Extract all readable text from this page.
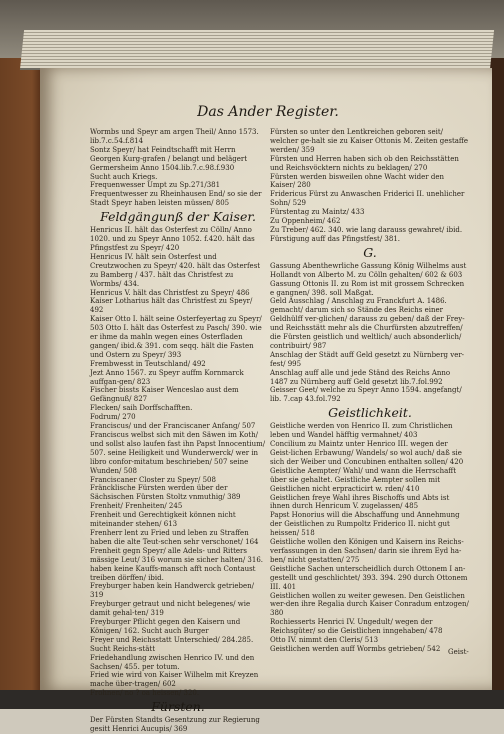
Das Ander Register.
Wormbs und Speyr am argen Theil/ Anno 1573. lib.7.c.54.f.814
Sontz Speyr/ hat Feindtschafft mit Herrn Georgen Kurg-grafen / belangt und belägert Germersheim Anno 1504.lib.7.c.98.f.930
Sucht auch Kriegs.
Frequenwesser Umpt zu Sp.271/381
Frequentwesser zu Rheinhausen End/ so sie der Stadt Speyr haben leisten müssen/ 805
Feldgängunß der Kaiser.
Henricus II. hält das Osterfest zu Cölln/ Anno 1020. und zu Speyr Anno 1052. f.420. hält das Pfingstfest zu Speyr/ 420
Henricus IV. hält sein Osterfest und Creutzwochen zu Speyr/ 420. hält das Osterfest zu Bamberg / 437. hält das Christfest zu Wormbs/ 434.
Henricus V. hält das Christfest zu Speyr/ 486
Kaiser Lotharius hält das Christfest zu Speyr/ 492
Kaiser Otto I. hält seine Osterfeyertag zu Speyr/ 503 Otto I. hält das Osterfest zu Pasch/ 390. wie er ihme da mahln wegen eines Osterfladen gangen/ ibid.& 391. com seqq. hält die Fasten und Ostern zu Speyr/ 393
Frembwesst in Teutschland/ 492
Jezt Anno 1567. zu Speyr auffm Kornmarck auffgan-gen/ 823
Fischer bissts Kaiser Wenceslao aust dem Gefängnuß/ 827
Flecken/ saih Dorffschafften.
Fodrum/ 270
Franciscus/ und der Franciscaner Anfang/ 507
Franciscus welbst sich mit den Säwen im Koth/ und sollst also laufen fast ihn Papst Innocentium/ 507. seine Heiligkeit und Wunderwerck/ wer in libro confor-mitatum beschrieben/ 507 seine Wunden/ 508
Franciscaner Closter zu Speyr/ 508
Fräncklische Fürsten werden über der Sächsischen Fürsten Stoltz vnmuthig/ 389
Frenheit/ Frenheiten/ 245
Frenheit und Gerechtigkeit können nicht miteinander stehen/ 613
Frenherr lent zu Fried und leben zu Straffen haben die alte Teut-schen sehr verschonet/ 164
Frenheit gegn Speyr/ alle Adels- und Ritters mässige Leut/ 316 worum sie sicher halten/ 316. haben keine Kauffs-mansch afft noch Contaust treiben dörffen/ ibid.
Freyburger haben kein Handwerck getrieben/ 319
Freyburger getraut und nicht belegenes/ wie damit gehal-ten/ 319
Freyburger Pflicht gegen den Kaisern und Königen/ 162. Sucht auch Burger
Freyer und Reichsstatt Unterschied/ 284.285. Sucht Reichs-stätt
Friedehandlung zwischen Henrico IV. und den Sachsen/ 455. per totum.
Fried wie wird von Kaiser Wilhelm mit Kreyzen mache über-tragen/ 602
Frohnen/ no ? oa heissen/ 320.
Fürsten.
Der Fürsten Standts Gesentzung zur Regierung gesitt Henrici Aucupis/ 369
Fürsten so unter den Lentkreichen geboren seit/ welcher ge-halt sie zu Kaiser Ottonis M. Zeiten gestaffe werden/ 359
Fürsten und Herren haben sich ob den Reichsstätten und Reichsvöcktern nichts zu beklagen/ 270
Fürsten werden bisweilen ohne Wacht wider den Kaiser/ 280
Fridericus Fürst zu Anwaschen Friderici II. unehlicher Sohn/ 529
Fürstentag zu Maintz/ 433
Zu Oppenheim/ 462
Zu Treber/ 462. 340. wie lang darauss gewahret/ ibid.
Fürstigung auff das Pfingstfest/ 381.
G.
Gassung Abenthewrliche Gassung König Wilhelms aust Hollandt von Alberto M. zu Cölln gehalten/ 602 & 603
Gassung Ottonis II. zu Rom ist mit grossem Schrecken e gangnen/ 398. soll Maßgat.
Geld Ausschlag / Anschlag zu Franckfurt A. 1486. gemacht/ darum sich so Stände des Reichs einer Geldhülff ver-glichen/ darauss zu geben/ daß der Frey- und Reichsstätt mehr als die Churfürsten abzutreffen/ die Fürsten geistlich und weltlich/ auch absonderlich/ contribuirt/ 987
Anschlag der Städt auff Geld gesetzt zu Nürnberg ver-fest/ 995
Anschlag auff alle und jede Ständ des Reichs Anno 1487 zu Nürnberg auff Geld gesetzt lib.7.fol.992
Geisser Geet/ welche zu Speyr Anno 1594. angefangt/ lib. 7.cap 43.fol.792
Geistlichkeit.
Geistliche werden von Henrico II. zum Christlichen leben und Wandel häfftig vermahnet/ 403
Concilium zu Maintz unter Henrico III. wegen der Geist-lichen Erbawung/ Wandels/ so wol auch/ daß sie sich der Weiber und Concubinen enthalten sollen/ 420
Geistliche Aempter/ Wahl/ und wann die Herrschafft über sie gehaltet. Geistliche Aempter sollen mit Geistlichen nicht erpracticirt w. rden/ 410
Geistlichen freye Wahl ihres Bischoffs und Abts ist ihnen durch Henricum V. zugelassen/ 485
Papst Honorius will die Abschaffung und Annehmung der Geistlichen zu Rumpoltz Friderico II. nicht gut heissen/ 518
Geistliche wollen den Königen und Kaisern ins Reichs-verfassungen in den Sachsen/ darin sie ihrem Eyd ha-ben/ nicht gestatten/ 275
Geistliche Sachen unterscheidlich durch Ottonem I an-gestellt und geschlichtet/ 393. 394. 290 durch Ottonem III. 401
Geistlichen wollen zu weiter gewesen. Den Geistlichen wer-den ihre Regalia durch Kaiser Conradum entzogen/ 380
Rochiesserts Henrici IV. Ungedult/ wegen der Reichsgüter/ so die Geistlichen inngehaben/ 478
Otto IV. nimmt den Cleris/ 513
Geistlichen werden auff Wormbs getrieben/ 542	Geist-
